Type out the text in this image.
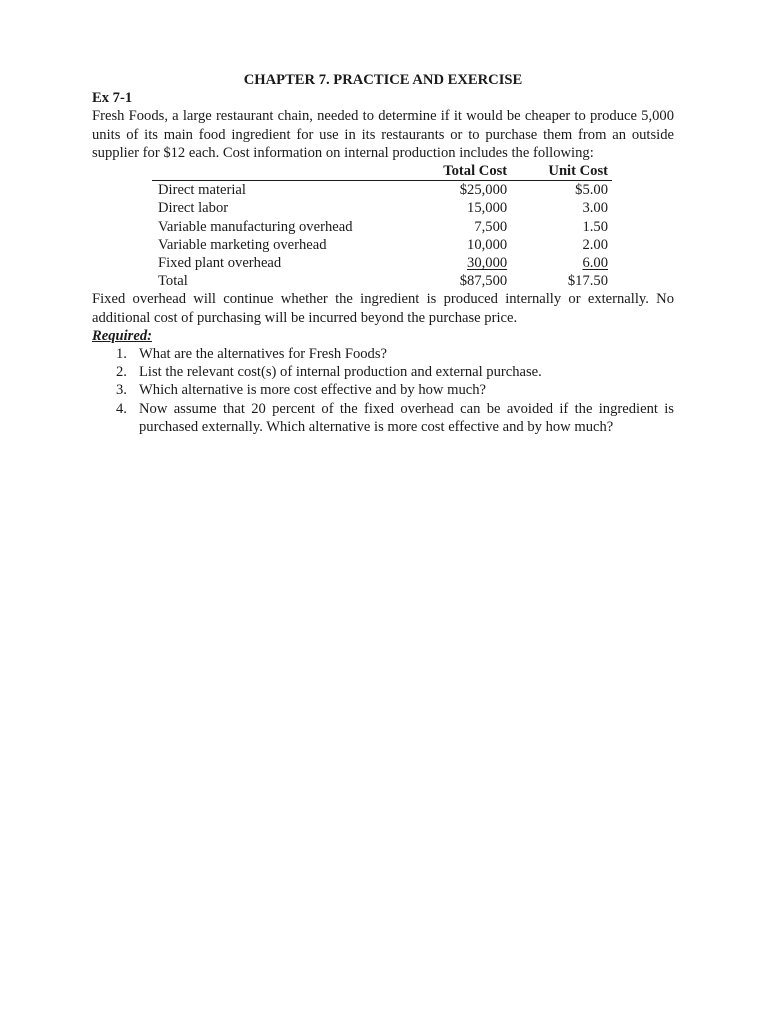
CHAPTER 7. PRACTICE AND EXERCISE
Ex 7-1
Fresh Foods, a large restaurant chain, needed to determine if it would be cheaper to produce 5,000 units of its main food ingredient for use in its restaurants or to purchase them from an outside supplier for $12 each. Cost information on internal production includes the following:
	Total Cost	Unit Cost
Direct material	$25,000	$5.00
Direct labor	15,000	3.00
Variable manufacturing overhead	7,500	1.50
Variable marketing overhead	10,000	2.00
Fixed plant overhead	30,000	6.00
Total	$87,500	$17.50
Fixed overhead will continue whether the ingredient is produced internally or externally. No additional cost of purchasing will be incurred beyond the purchase price.
Required:
1. What are the alternatives for Fresh Foods?
2. List the relevant cost(s) of internal production and external purchase.
3. Which alternative is more cost effective and by how much?
4. Now assume that 20 percent of the fixed overhead can be avoided if the ingredient is purchased externally. Which alternative is more cost effective and by how much?
